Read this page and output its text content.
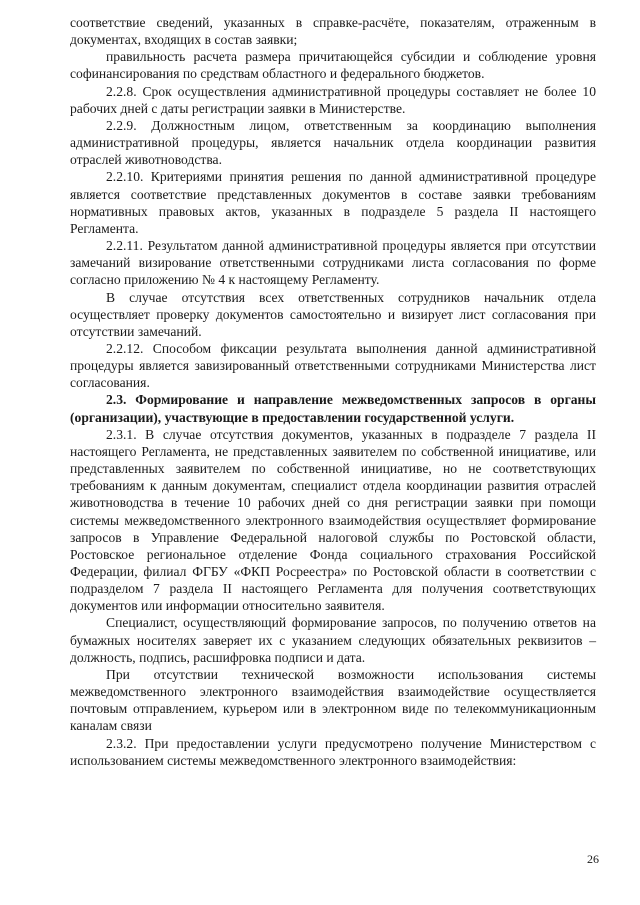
соответствие сведений, указанных в справке-расчёте, показателям, отраженным в документах, входящих в состав заявки;

правильность расчета размера причитающейся субсидии и соблюдение уровня софинансирования по средствам областного и федерального бюджетов.

2.2.8. Срок осуществления административной процедуры составляет не более 10 рабочих дней с даты регистрации заявки в Министерстве.

2.2.9. Должностным лицом, ответственным за координацию выполнения административной процедуры, является начальник отдела координации развития отраслей животноводства.

2.2.10. Критериями принятия решения по данной административной процедуре является соответствие представленных документов в составе заявки требованиям нормативных правовых актов, указанных в подразделе 5 раздела II настоящего Регламента.

2.2.11. Результатом данной административной процедуры является при отсутствии замечаний визирование ответственными сотрудниками листа согласования по форме согласно приложению № 4 к настоящему Регламенту.

В случае отсутствия всех ответственных сотрудников начальник отдела осуществляет проверку документов самостоятельно и визирует лист согласования при отсутствии замечаний.

2.2.12. Способом фиксации результата выполнения данной административной процедуры является завизированный ответственными сотрудниками Министерства лист согласования.

2.3. Формирование и направление межведомственных запросов в органы (организации), участвующие в предоставлении государственной услуги.

2.3.1. В случае отсутствия документов, указанных в подразделе 7 раздела II настоящего Регламента, не представленных заявителем по собственной инициативе, или представленных заявителем по собственной инициативе, но не соответствующих требованиям к данным документам, специалист отдела координации развития отраслей животноводства в течение 10 рабочих дней со дня регистрации заявки при помощи системы межведомственного электронного взаимодействия осуществляет формирование запросов в Управление Федеральной налоговой службы по Ростовской области, Ростовское региональное отделение Фонда социального страхования Российской Федерации, филиал ФГБУ «ФКП Росреестра» по Ростовской области в соответствии с подразделом 7 раздела II настоящего Регламента для получения соответствующих документов или информации относительно заявителя.

Специалист, осуществляющий формирование запросов, по получению ответов на бумажных носителях заверяет их с указанием следующих обязательных реквизитов – должность, подпись, расшифровка подписи и дата.

При отсутствии технической возможности использования системы межведомственного электронного взаимодействия взаимодействие осуществляется почтовым отправлением, курьером или в электронном виде по телекоммуникационным каналам связи

2.3.2. При предоставлении услуги предусмотрено получение Министерством с использованием системы межведомственного электронного взаимодействия:

26
